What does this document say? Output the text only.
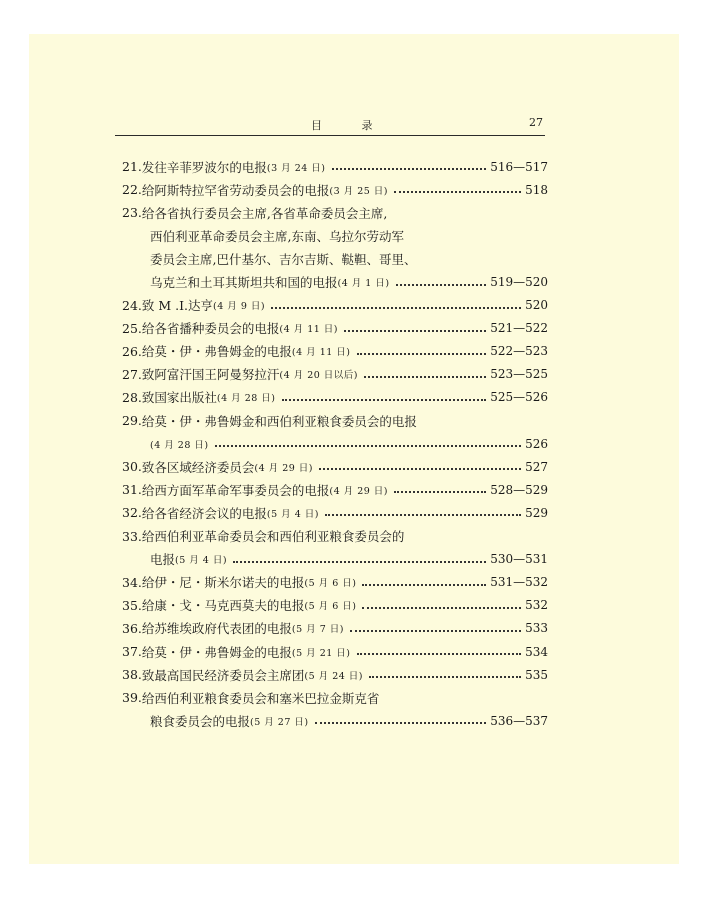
目 录	27
21. 发往辛菲罗波尔的电报 (3 月 24 日)	516—517
22. 给阿斯特拉罕省劳动委员会的电报 (3 月 25 日)	518
23. 给各省执行委员会主席,各省革命委员会主席,
西伯利亚革命委员会主席,东南、乌拉尔劳动军
委员会主席,巴什基尔、吉尔吉斯、鞑靼、哥里、
乌克兰和土耳其斯坦共和国的电报 (4 月 1 日)	519—520
24. 致 M .I.达亨 (4 月 9 日)	520
25. 给各省播种委员会的电报 (4 月 11 日)	521—522
26. 给莫・伊・弗鲁姆金的电报 (4 月 11 日)	522—523
27. 致阿富汗国王阿曼努拉汗 (4 月 20 日以后)	523—525
28. 致国家出版社 (4 月 28 日)	525—526
29. 给莫・伊・弗鲁姆金和西伯利亚粮食委员会的电报
(4 月 28 日)	526
30. 致各区域经济委员会 (4 月 29 日)	527
31. 给西方面军革命军事委员会的电报 (4 月 29 日)	528—529
32. 给各省经济会议的电报 (5 月 4 日)	529
33. 给西伯利亚革命委员会和西伯利亚粮食委员会的
电报 (5 月 4 日)	530—531
34. 给伊・尼・斯米尔诺夫的电报 (5 月 6 日)	531—532
35. 给康・戈・马克西莫夫的电报 (5 月 6 日)	532
36. 给苏维埃政府代表团的电报 (5 月 7 日)	533
37. 给莫・伊・弗鲁姆金的电报 (5 月 21 日)	534
38. 致最高国民经济委员会主席团 (5 月 24 日)	535
39. 给西伯利亚粮食委员会和塞米巴拉金斯克省
粮食委员会的电报 (5 月 27 日)	536—537
